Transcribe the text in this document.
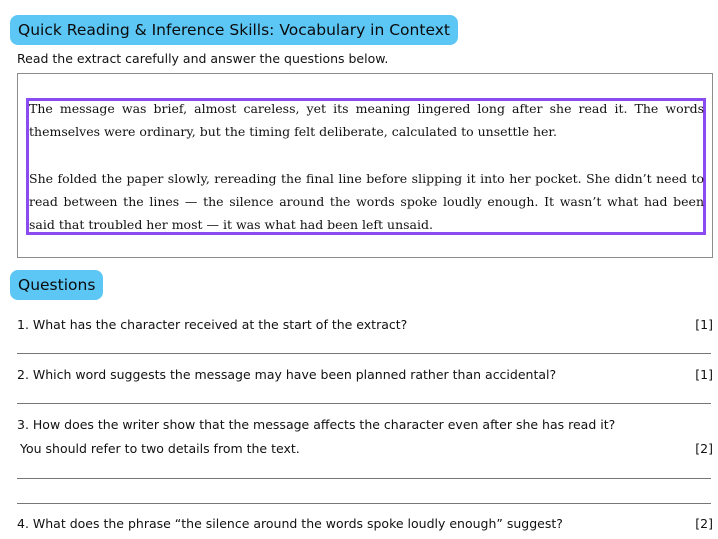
Quick Reading & Inference Skills: Vocabulary in Context
Read the extract carefully and answer the questions below.
The message was brief, almost careless, yet its meaning lingered long after she read it. The words themselves were ordinary, but the timing felt deliberate, calculated to unsettle her.
She folded the paper slowly, rereading the final line before slipping it into her pocket. She didn’t need to read between the lines — the silence around the words spoke loudly enough. It wasn’t what had been said that troubled her most — it was what had been left unsaid.
Questions
1. What has the character received at the start of the extract?	[1]
2. Which word suggests the message may have been planned rather than accidental?	[1]
3. How does the writer show that the message affects the character even after she has read it?
You should refer to two details from the text.	[2]
4. What does the phrase “the silence around the words spoke loudly enough” suggest?	[2]
